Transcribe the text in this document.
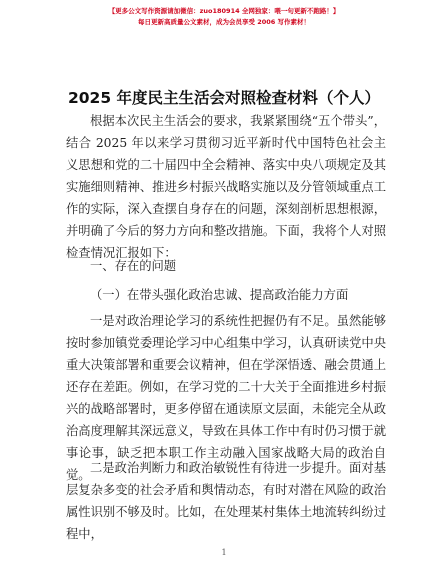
【更多公文写作资源请加微信：zuo180914 全网独家：喂一句更新不跑路！】
每日更新高质量公文素材，成为会员享受 2006 写作素材！
2025 年度民主生活会对照检查材料（个人）
根据本次民主生活会的要求，我紧紧围绕“五个带头”，结合 2025 年以来学习贯彻习近平新时代中国特色社会主义思想和党的二十届四中全会精神、落实中央八项规定及其实施细则精神、推进乡村振兴战略实施以及分管领域重点工作的实际，深入查摆自身存在的问题，深刻剖析思想根源，并明确了今后的努力方向和整改措施。下面，我将个人对照检查情况汇报如下：
一、存在的问题
（一）在带头强化政治忠诚、提高政治能力方面
一是对政治理论学习的系统性把握仍有不足。虽然能够按时参加镇党委理论学习中心组集中学习，认真研读党中央重大决策部署和重要会议精神，但在学深悟透、融会贯通上还存在差距。例如，在学习党的二十大关于全面推进乡村振兴的战略部署时，更多停留在通读原文层面，未能完全从政治高度理解其深远意义，导致在具体工作中有时仍习惯于就事论事，缺乏把本职工作主动融入国家战略大局的政治自觉。 二是政治判断力和政治敏锐性有待进一步提升。面对基层复杂多变的社会矛盾和舆情动态，有时对潜在风险的政治属性识别不够及时。比如，在处理某村集体土地流转纠纷过程中，
1
